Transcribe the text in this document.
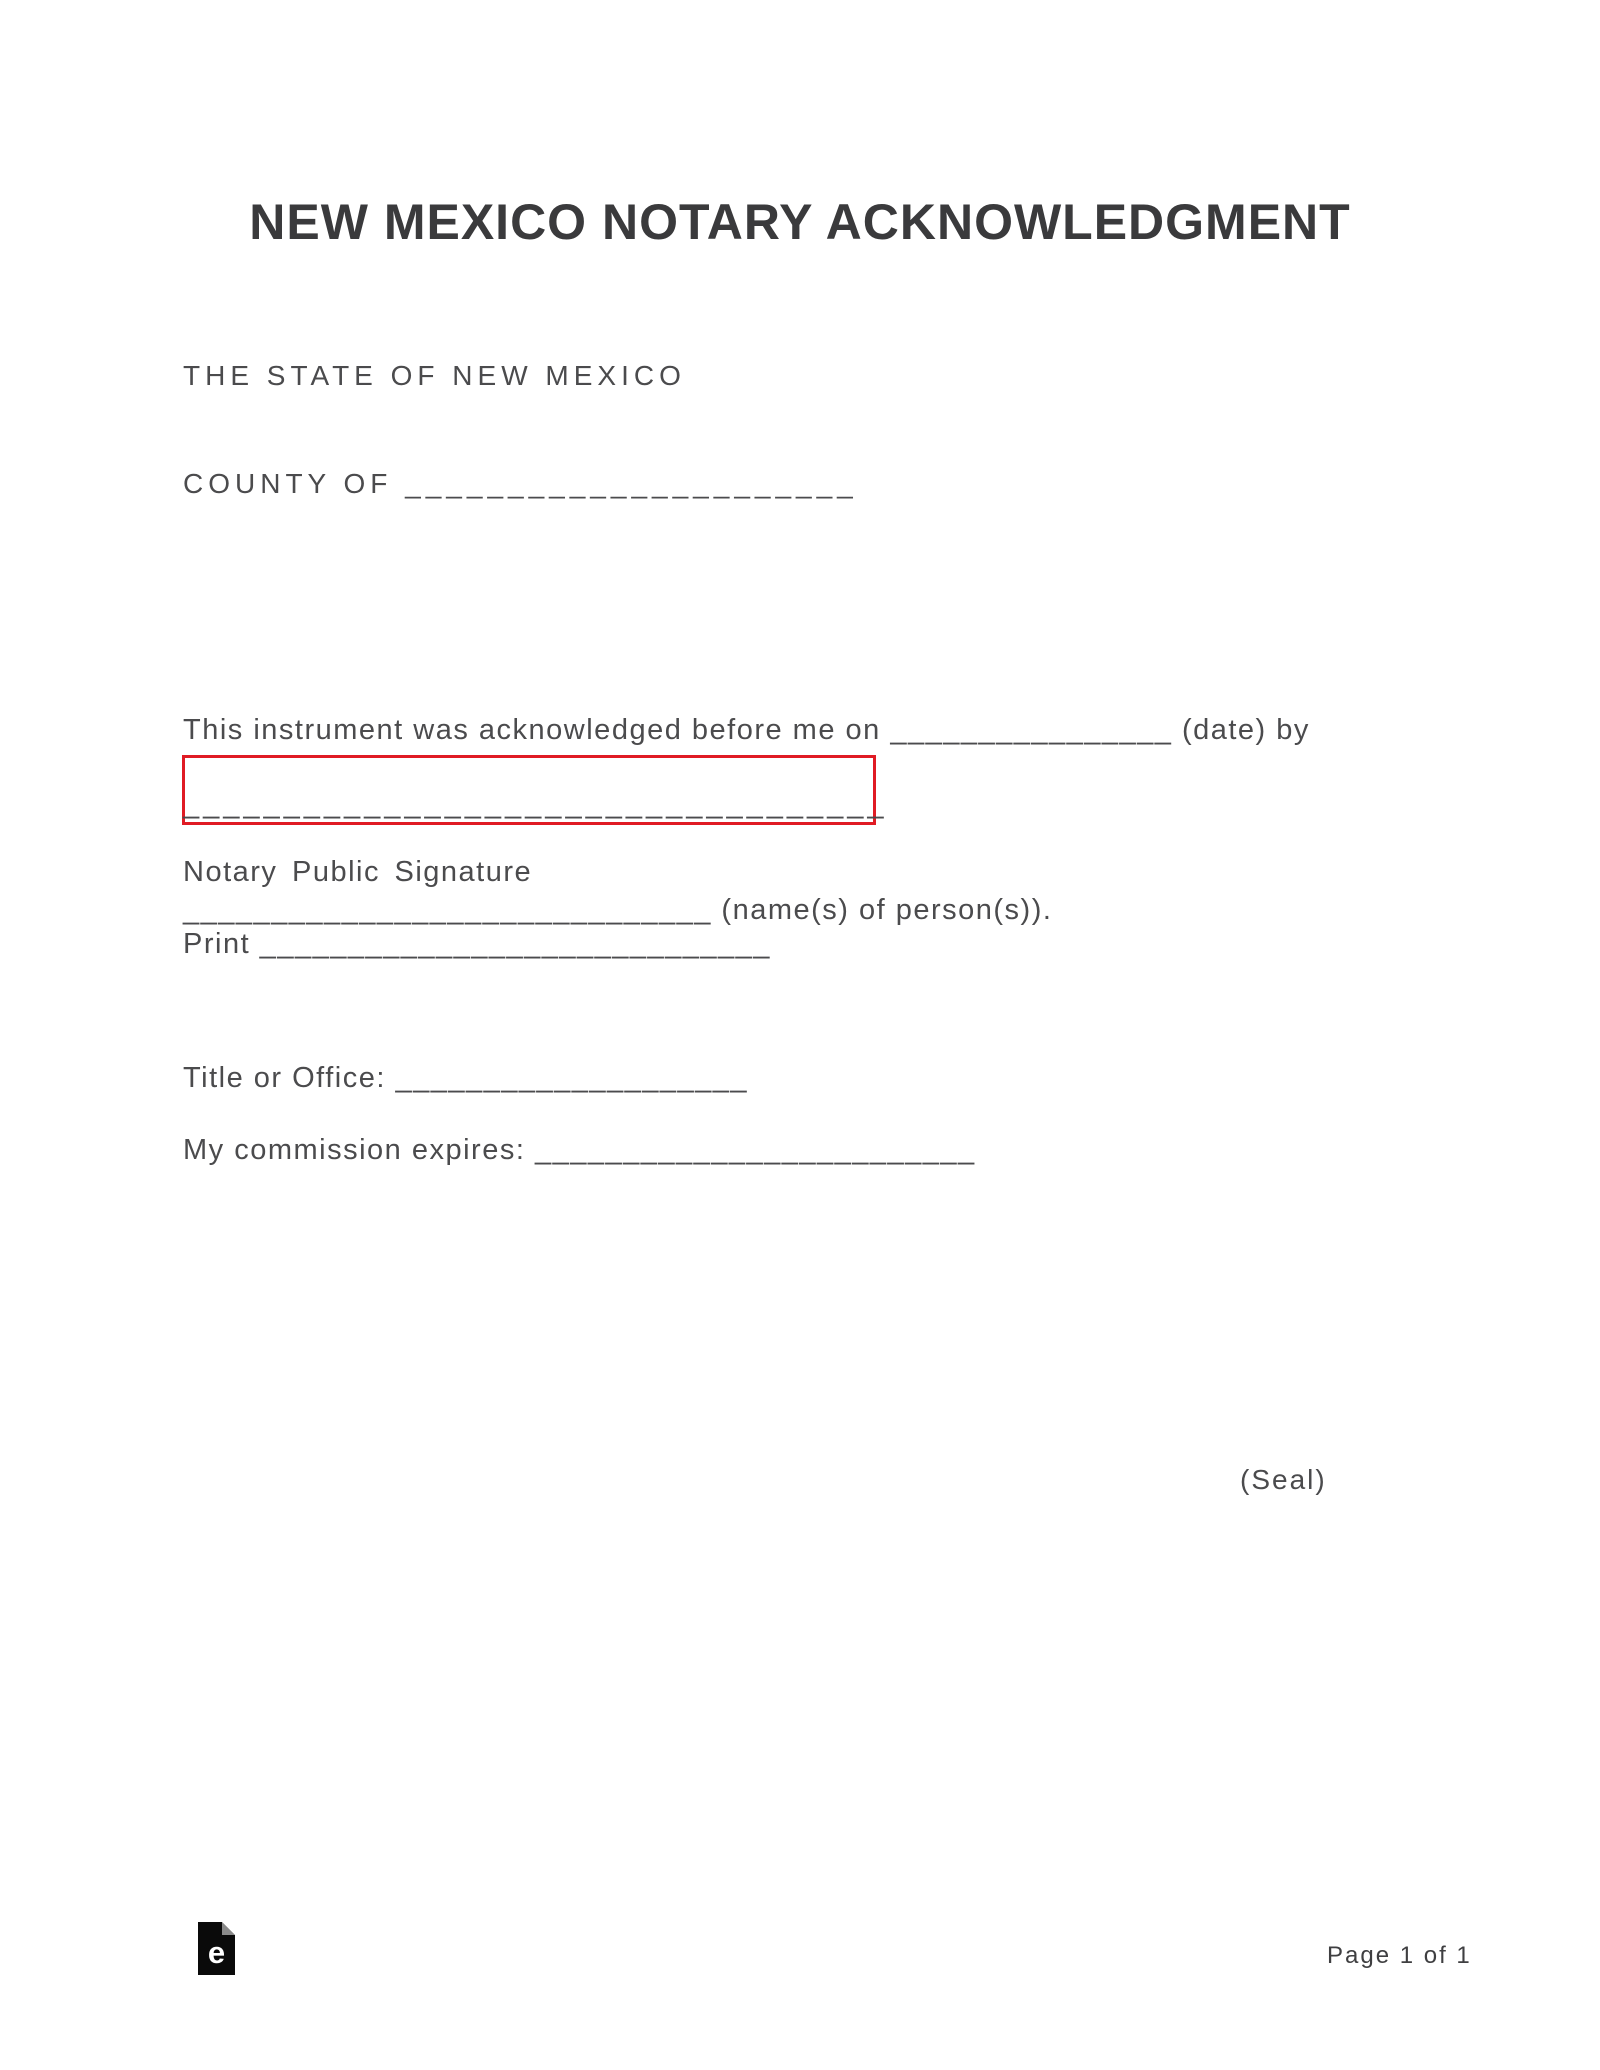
NEW MEXICO NOTARY ACKNOWLEDGMENT
THE STATE OF NEW MEXICO
COUNTY OF ______________________

This instrument was acknowledged before me on ________________ (date) by

______________________________ (name(s) of person(s)).

___________________________________
Notary Public Signature
Print _____________________________
Title or Office: ____________________
My commission expires: _________________________
(Seal)
e	Page 1 of 1
